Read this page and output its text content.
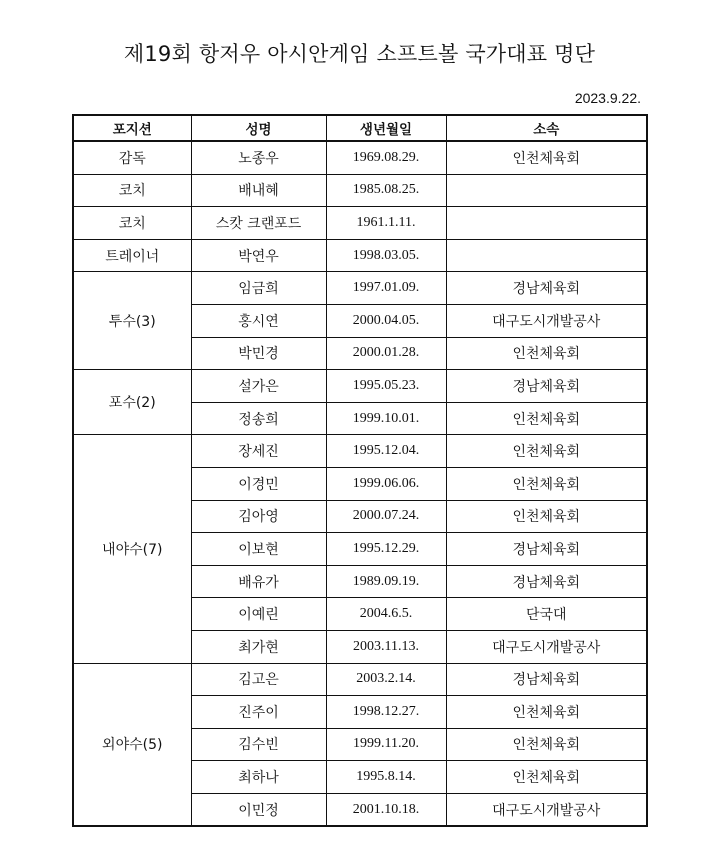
제19회 항저우 아시안게임 소프트볼 국가대표 명단
2023.9.22.
포지션	성명	생년월일	소속
감독	노종우	1969.08.29.	인천체육회
코치	배내혜	1985.08.25.	
코치	스캇 크랜포드	1961.1.11.	
트레이너	박연우	1998.03.05.	
투수(3)	임금희	1997.01.09.	경남체육회
	홍시연	2000.04.05.	대구도시개발공사
	박민경	2000.01.28.	인천체육회
포수(2)	설가은	1995.05.23.	경남체육회
	정송희	1999.10.01.	인천체육회
내야수(7)	장세진	1995.12.04.	인천체육회
	이경민	1999.06.06.	인천체육회
	김아영	2000.07.24.	인천체육회
	이보현	1995.12.29.	경남체육회
	배유가	1989.09.19.	경남체육회
	이예린	2004.6.5.	단국대
	최가현	2003.11.13.	대구도시개발공사
외야수(5)	김고은	2003.2.14.	경남체육회
	진주이	1998.12.27.	인천체육회
	김수빈	1999.11.20.	인천체육회
	최하나	1995.8.14.	인천체육회
	이민정	2001.10.18.	대구도시개발공사
